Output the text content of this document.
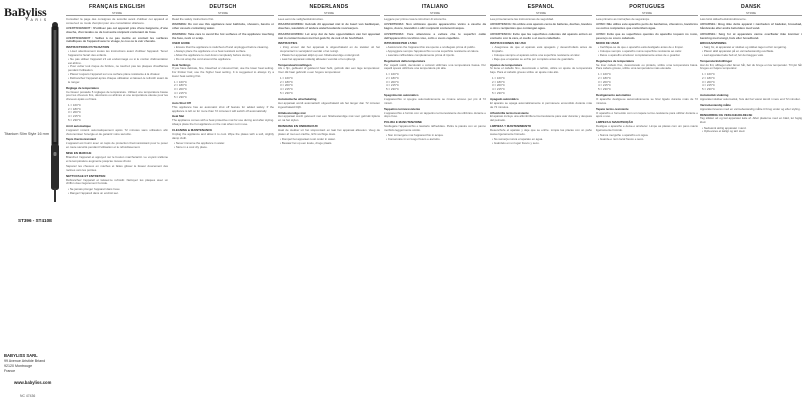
BaByliss
PARIS
Titanium Slim Style 16 mm
ST396 - ST410E
BABYLISS SARL
99 Avenue Aristide Briand
92120 Montrouge
France
www.babyliss.com
NC 47436
FRANÇAIS ENGLISH
ST396E

Consultez la page des consignes de sécurité avant d'utiliser cet appareil et conservez ce mode d'emploi pour une consultation ultérieure.

AVERTISSEMENT : N'utilisez pas cet appareil près d'une baignoire, d'une douche, d'un lavabo ou de tout autre récipient contenant de l'eau.

AVERTISSEMENT : Veillez à ne pas mettre en contact les surfaces métalliques de l'appareil avec le visage, le cou ou le cuir chevelu.

INSTRUCTIONS D'UTILISATION
• Lisez attentivement toutes les instructions avant d'utiliser l'appareil. Tenez l'appareil à l'écart des enfants.
• Ne pas utiliser l'appareil s'il est endommagé ou si le cordon d'alimentation est abîmé.
• Pour éviter tout risque de brûlure, ne touchez pas les plaques chauffantes pendant l'utilisation.
• Placez toujours l'appareil sur une surface plane résistante à la chaleur.
• Débranchez l'appareil après chaque utilisation et laissez-le refroidir avant de le ranger.
Réglage de température

Ce lisseur possède 5 réglages de température. Utilisez une température basse pour les cheveux fins, décolorés ou abîmés et une température élevée pour les cheveux épais ou frisés.

1 = 160°C
2 = 180°C
3 = 200°C
4 = 215°C
5 = 230°C
Arrêt automatique

L'appareil s'éteint automatiquement après 72 minutes sans utilisation afin d'économiser l'énergie et de garantir votre sécurité.

Tapis thermorésistant

L'appareil est fourni avec un tapis de protection thermorésistant pour le poser en toute sécurité pendant l'utilisation et le refroidissement.

MISE EN MARCHE

Branchez l'appareil et appuyez sur le bouton marche/arrêt. Le voyant s'allume et la température augmente jusqu'au niveau choisi.

Séparez les cheveux en mèches et faites glisser le lisseur doucement des racines vers les pointes.

NETTOYAGE ET ENTRETIEN

Débranchez l'appareil et laissez-le refroidir. Nettoyez les plaques avec un chiffon doux légèrement humide.

• Ne jamais plonger l'appareil dans l'eau.
• Rangez l'appareil dans un endroit sec.
DEUTSCH
ST396E

Read the safety instructions first.

WARNING: Do not use this appliance near bathtubs, showers, basins or other vessels containing water.

WARNING: Take care to avoid the hot surfaces of the appliance touching the face, neck or scalp.

USER GUIDE
• Ensure that the appliance is switched off and unplugged before cleaning.
• Always place the appliance on a heat resistant surface.
• Allow the appliance to cool down completely before storing.
• Do not wrap the cord around the appliance.
Heat Settings

If you have delicate, fine, bleached or coloured hair, use the lower heat setting. For thicker hair, use the higher heat setting. It is suggested to always try a lower heat setting first.

1 = 160°C
2 = 180°C
3 = 200°C
4 = 215°C
5 = 230°C
Auto Shut Off

This appliance has an automatic shut off feature for added safety. If the appliance is left on for more than 72 minutes it will switch off automatically.

Heat Mat

The appliance comes with a heat protective mat for use during and after styling. Always place the hot appliance on the mat when not in use.

CLEANING & MAINTENANCE

Unplug the appliance and allow it to cool. Wipe the plates with a soft, slightly damp cloth.

• Never immerse the appliance in water.
• Store in a cool dry place.
NEDERLANDS
ST396E

Lees eerst de veiligheidsinstructies.

WAARSCHUWING: Gebruik dit apparaat niet in de buurt van badkuipen, douches, wastafels of andere waterhoudende voorwerpen.

WAARSCHUWING: Let erop dat de hete oppervlakken van het apparaat niet in contact komen met het gezicht, de nek of de hoofdhuid.

INSTRUCTIES
• Zorg ervoor dat het apparaat is uitgeschakeld en de stekker uit het stopcontact is verwijderd voordat u het reinigt.
• Plaats het apparaat altijd op een hittebestendige ondergrond.
• Laat het apparaat volledig afkoelen voordat u het opbergt.
Temperatuurinstellingen

Als u fijn, gebleekt of gekleurd haar hebt, gebruik dan een lage temperatuur. Voor dik haar gebruikt u een hogere temperatuur.

1 = 160°C
2 = 180°C
3 = 200°C
4 = 215°C
5 = 230°C
Automatische uitschakeling

Het apparaat wordt automatisch uitgeschakeld als het langer dan 72 minuten ingeschakeld blijft.

Hittebestendige mat

Het apparaat wordt geleverd met een hittebestendige mat voor gebruik tijdens en na het stylen.

REINIGING EN ONDERHOUD

Haal de stekker uit het stopcontact en laat het apparaat afkoelen. Veeg de platen af met een zachte, licht vochtige doek.

• Dompel het apparaat nooit onder in water.
• Bewaar het op een koele, droge plaats.
ITALIANO
ST396E

Leggere per prima cosa le istruzioni di sicurezza.

AVVERTENZA: Non utilizzare questo apparecchio vicino a vasche da bagno, docce, lavandini o altri recipienti contenenti acqua.

AVVERTENZA: Fare attenzione a evitare che le superfici calde dell'apparecchio tocchino viso, collo o cuoio capelluto.

ISTRUZIONI PER L'USO
• Assicurarsi che l'apparecchio sia spento e scollegato prima di pulirlo.
• Appoggiare sempre l'apparecchio su una superficie resistente al calore.
• Lasciare raffreddare completamente prima di riporlo.
Regolazioni della temperatura

Per capelli sottili, decolorati o colorati utilizzare una temperatura bassa. Per capelli spessi utilizzare una temperatura più alta.

1 = 160°C
2 = 180°C
3 = 200°C
4 = 215°C
5 = 230°C
Spegnimento automatico

L'apparecchio si spegne automaticamente se rimane acceso per più di 72 minuti.

Tappetino termoresistente

L'apparecchio è fornito con un tappetino termoresistente da utilizzare durante e dopo l'uso.

PULIZIA E MANUTENZIONE

Scollegare l'apparecchio e lasciarlo raffreddare. Pulire le piastre con un panno morbido leggermente umido.

• Non immergere mai l'apparecchio in acqua.
• Conservare in un luogo fresco e asciutto.
ESPAÑOL
ST396E

Lea primeramente las instrucciones de seguridad.

ADVERTENCIA: No utilice este aparato cerca de bañeras, duchas, lavabos u otros recipientes que contengan agua.

ADVERTENCIA: Evite que las superficies calientes del aparato entren en contacto con la cara, el cuello o el cuero cabelludo.

INSTRUCCIONES DE USO
• Asegúrese de que el aparato esté apagado y desenchufado antes de limpiarlo.
• Coloque siempre el aparato sobre una superficie resistente al calor.
• Deje que el aparato se enfríe por completo antes de guardarlo.
Ajustes de temperatura

Si tiene el cabello fino, decolorado o teñido, utilice un ajuste de temperatura bajo. Para el cabello grueso utilice un ajuste más alto.

1 = 160°C
2 = 180°C
3 = 200°C
4 = 215°C
5 = 230°C
Apagado automático

El aparato se apaga automáticamente si permanece encendido durante más de 72 minutos.

Alfombrilla termorresistente

El aparato incluye una alfombrilla termorresistente para usar durante y después del peinado.

LIMPIEZA Y MANTENIMIENTO

Desenchufe el aparato y deje que se enfríe. Limpie las placas con un paño suave ligeramente húmedo.

• No sumerja nunca el aparato en agua.
• Guárdelo en un lugar fresco y seco.
PORTUGUÊS
ST396E

Leia primeiro as instruções de segurança.

AVISO: Não utilize este aparelho perto de banheiras, chuveiros, lavatórios ou outros recipientes que contenham água.

AVISO: Evite que as superfícies quentes do aparelho toquem no rosto, pescoço ou couro cabeludo.

MODO DE USAR
• Certifique-se de que o aparelho está desligado antes de o limpar.
• Coloque sempre o aparelho numa superfície resistente ao calor.
• Deixe o aparelho arrefecer completamente antes de o guardar.
Regulações de temperatura

Se tiver cabelo fino, descolorado ou pintado, utilize uma temperatura baixa. Para cabelo grosso, utilize uma temperatura mais elevada.

1 = 160°C
2 = 180°C
3 = 200°C
4 = 215°C
5 = 230°C
Desligamento automático

O aparelho desliga-se automaticamente se ficar ligado durante mais de 72 minutos.

Tapete termo-resistente

O aparelho é fornecido com um tapete termo-resistente para utilizar durante e após o uso.

LIMPEZA E MANUTENÇÃO

Desligue o aparelho e deixe-o arrefecer. Limpe as placas com um pano macio ligeiramente húmido.

• Nunca mergulhe o aparelho em água.
• Guarde-o num local fresco e seco.
DANSK
ST396E

Læs først sikkerhedsinstruktionerne.

ADVARSEL: Brug ikke dette apparat i nærheden af badekar, brusebad, håndvaske eller andre beholdere med vand.

ADVARSEL: Sørg for at apparatets varme overflader ikke kommer i berøring med ansigt, hals eller hovedbund.

BRUGSANVISNING
• Sørg for, at apparatet er slukket og stikket taget ud før rengøring.
• Placér altid apparatet på en varmebestandig overflade.
• Lad apparatet køle helt af, før det lægges væk.
Temperaturindstillinger

Har du fint, afbleget eller farvet hår, bør du bruge en lav temperatur. Til tykt hår bruges en højere temperatur.

1 = 160°C
2 = 180°C
3 = 200°C
4 = 215°C
5 = 230°C
Automatisk slukning

Apparatet slukker automatisk, hvis det har været tændt i mere end 72 minutter.

Varmebestandig måtte

Apparatet leveres med en varmebestandig måtte til brug under og efter styling.

RENGØRING OG VEDLIGEHOLDELSE

Tag stikket ud og lad apparatet køle af. Aftør pladerne med en blød, let fugtig klud.

• Nedsænk aldrig apparatet i vand.
• Opbevares et køligt og tørt sted.
